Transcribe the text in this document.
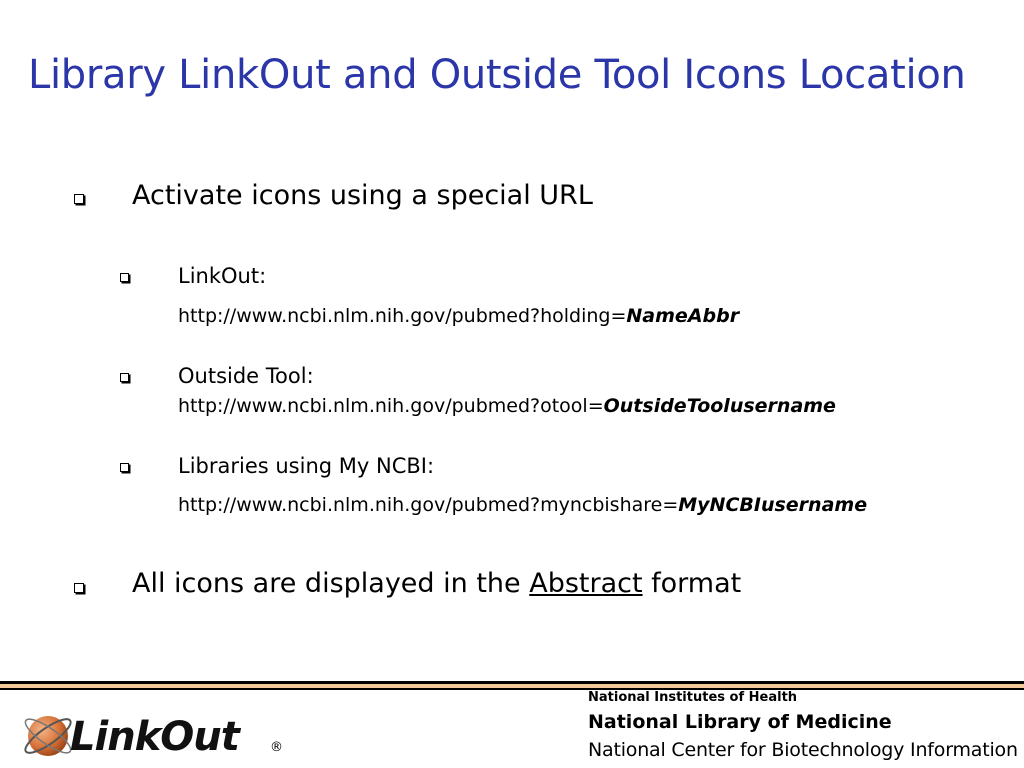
Library LinkOut and Outside Tool Icons Location
Activate icons using a special URL
LinkOut:
http://www.ncbi.nlm.nih.gov/pubmed?holding=NameAbbr
Outside Tool:
http://www.ncbi.nlm.nih.gov/pubmed?otool=OutsideToolusername
Libraries using My NCBI:
http://www.ncbi.nlm.nih.gov/pubmed?myncbishare=MyNCBIusername
All icons are displayed in the Abstract format
LinkOut ®
National Institutes of Health
National Library of Medicine
National Center for Biotechnology Information
